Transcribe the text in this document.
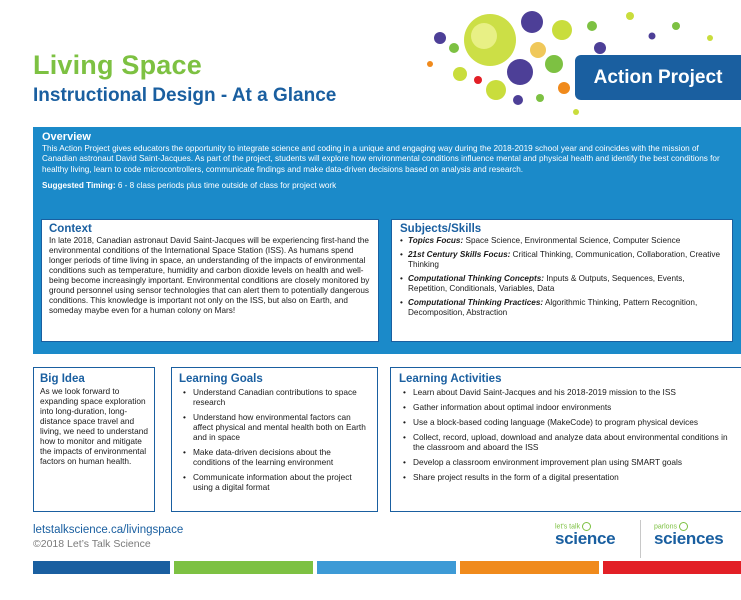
Living Space
Instructional Design - At a Glance
Action Project
Overview

This Action Project gives educators the opportunity to integrate science and coding in a unique and engaging way during the 2018-2019 school year and coincides with the mission of Canadian astronaut David Saint-Jacques. As part of the project, students will explore how environmental conditions influence mental and physical health and identify the best conditions for healthy living, learn to code microcontrollers, communicate findings and make data-driven decisions based on analysis and research.

Suggested Timing: 6 - 8 class periods plus time outside of class for project work

Context

In late 2018, Canadian astronaut David Saint-Jacques will be experiencing first-hand the environmental conditions of the International Space Station (ISS). As humans spend longer periods of time living in space, an understanding of the impacts of environmental conditions such as temperature, humidity and carbon dioxide levels on health and well-being become increasingly important. Environmental conditions are closely monitored by ground personnel using sensor technologies that can alert them to potentially dangerous conditions. This knowledge is important not only on the ISS, but also on Earth, and someday maybe even for a human colony on Mars!

Subjects/Skills
• Topics Focus: Space Science, Environmental Science, Computer Science
• 21st Century Skills Focus: Critical Thinking, Communication, Collaboration, Creative Thinking
• Computational Thinking Concepts: Inputs & Outputs, Sequences, Events, Repetition, Conditionals, Variables, Data
• Computational Thinking Practices: Algorithmic Thinking, Pattern Recognition, Decomposition, Abstraction
Big Idea

As we look forward to expanding space exploration into long-duration, long-distance space travel and living, we need to understand how to monitor and mitigate the impacts of environmental factors on human health.

Learning Goals
• Understand Canadian contributions to space research
• Understand how environmental factors can affect physical and mental health both on Earth and in space
• Make data-driven decisions about the conditions of the learning environment
• Communicate information about the project using a digital format
Learning Activities
• Learn about David Saint-Jacques and his 2018-2019 mission to the ISS
• Gather information about optimal indoor environments
• Use a block-based coding language (MakeCode) to program physical devices
• Collect, record, upload, download and analyze data about environmental conditions in the classroom and aboard the ISS
• Develop a classroom environment improvement plan using SMART goals
• Share project results in the form of a digital presentation
letstalkscience.ca/livingspace
©2018 Let’s Talk Science
let's talk
science
parlons
sciences
